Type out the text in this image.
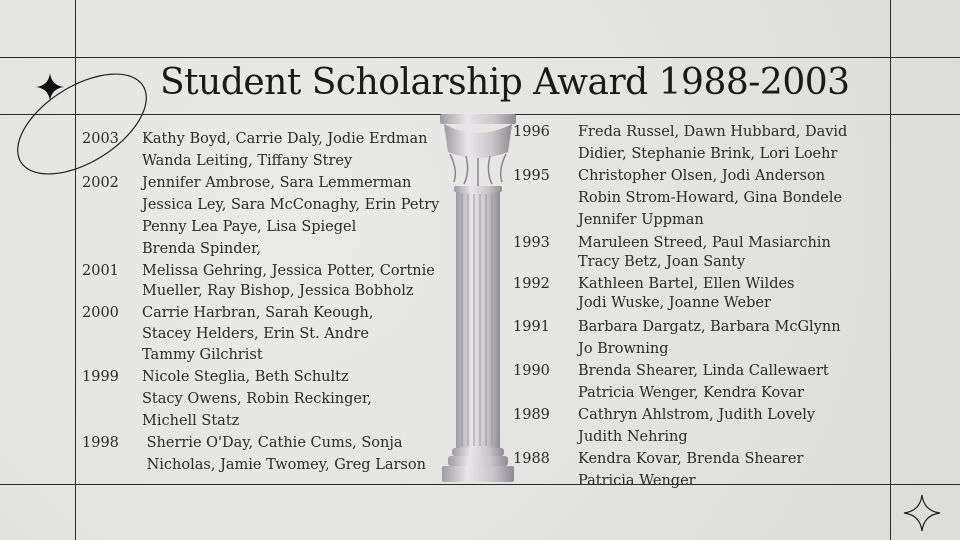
Student Scholarship Award 1988-2003
2003	Kathy Boyd, Carrie Daly, Jodie Erdman
Wanda Leiting, Tiffany Strey
2002	Jennifer Ambrose, Sara Lemmerman
Jessica Ley, Sara McConaghy, Erin Petry
Penny Lea Paye, Lisa Spiegel
Brenda Spinder,
2001	Melissa Gehring, Jessica Potter, Cortnie
Mueller, Ray Bishop, Jessica Bobholz
2000	Carrie Harbran, Sarah Keough,
Stacey Helders, Erin St. Andre
Tammy Gilchrist
1999	Nicole Steglia, Beth Schultz
Stacy Owens, Robin Reckinger,
Michell Statz
1998	Sherrie O'Day, Cathie Cums, Sonja
Nicholas, Jamie Twomey, Greg Larson
1996	Freda Russel, Dawn Hubbard, David
Didier, Stephanie Brink, Lori Loehr
1995	Christopher Olsen, Jodi Anderson
Robin Strom-Howard, Gina Bondele
Jennifer Uppman
1993	Maruleen Streed, Paul Masiarchin
Tracy Betz, Joan Santy
1992	Kathleen Bartel, Ellen Wildes
Jodi Wuske, Joanne Weber
1991	Barbara Dargatz, Barbara McGlynn
Jo Browning
1990	Brenda Shearer, Linda Callewaert
Patricia Wenger, Kendra Kovar
1989	Cathryn Ahlstrom, Judith Lovely
Judith Nehring
1988	Kendra Kovar, Brenda Shearer
Patricia Wenger
